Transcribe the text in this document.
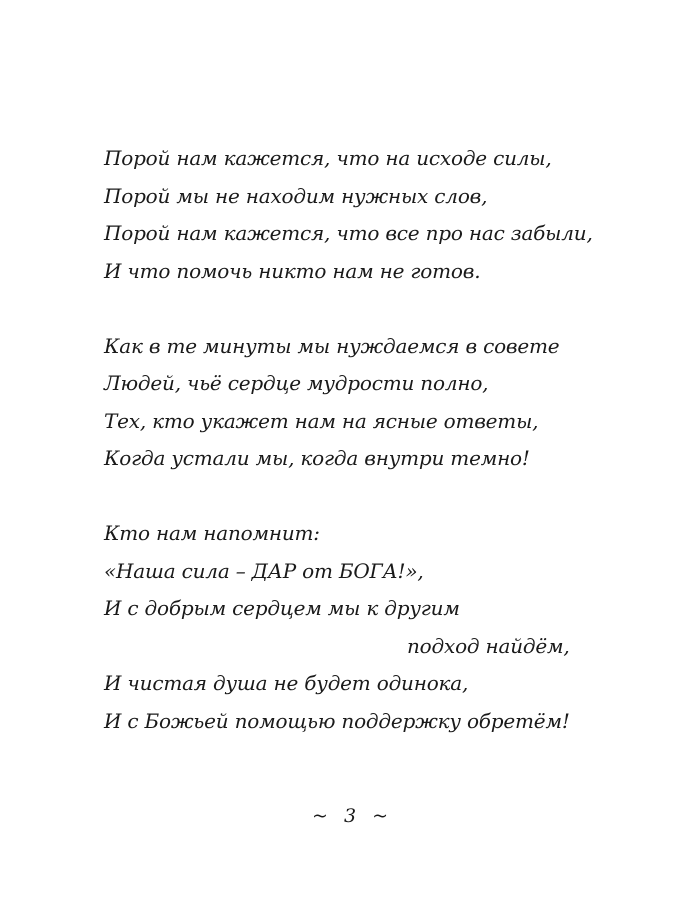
Порой нам кажется, что на исходе силы,
Порой мы не находим нужных слов,
Порой нам кажется, что все про нас забыли,
И что помочь никто нам не готов.
Как в те минуты мы нуждаемся в совете
Людей, чьё сердце мудрости полно,
Тех, кто укажет нам на ясные ответы,
Когда устали мы, когда внутри темно!
Кто нам напомнит:
«Наша сила – ДАР от БОГА!»,
И с добрым сердцем мы к другим
подход найдём,
И чистая душа не будет одинока,
И с Божьей помощью поддержку обретём!
~ 3 ~
